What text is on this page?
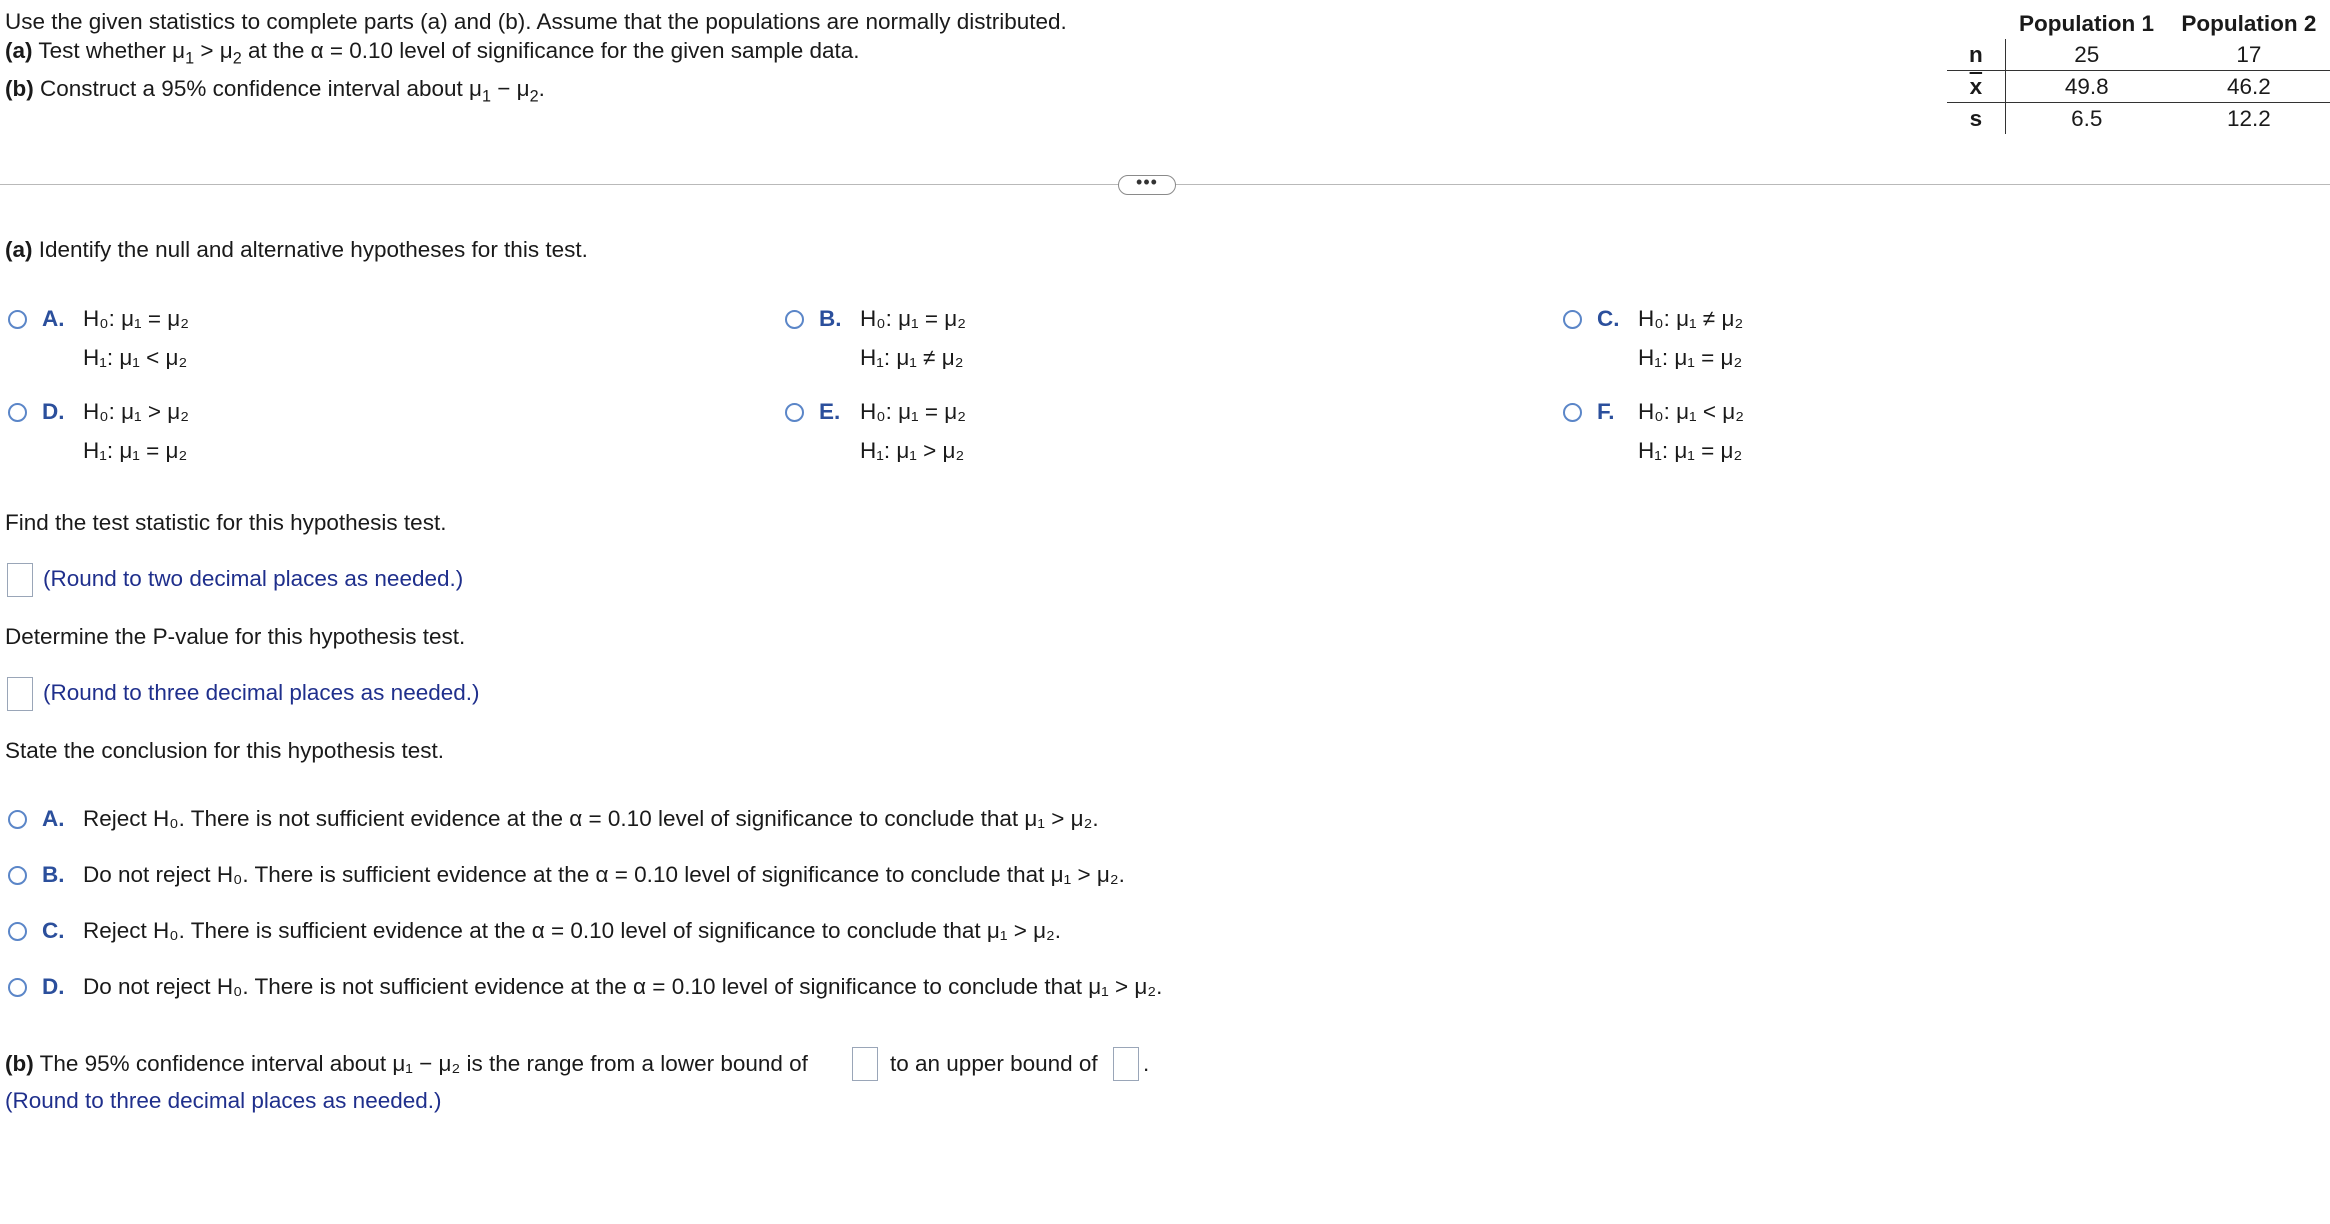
Use the given statistics to complete parts (a) and (b). Assume that the populations are normally distributed.
(a) Test whether $\mu_1 > \mu_2$ at the α = 0.10 level of significance for the given sample data.
(b) Construct a 95% confidence interval about $\mu_1 - \mu_2$.
	Population 1	Population 2
n	25	17
$\overline{x}$	49.8	46.2
s	6.5	12.2
•••
(a) Identify the null and alternative hypotheses for this test.
A. H₀: μ₁ = μ₂
H₁: μ₁ < μ₂
B. H₀: μ₁ = μ₂
H₁: μ₁ ≠ μ₂
C. H₀: μ₁ ≠ μ₂
H₁: μ₁ = μ₂
D. H₀: μ₁ > μ₂
H₁: μ₁ = μ₂
E. H₀: μ₁ = μ₂
H₁: μ₁ > μ₂
F. H₀: μ₁ < μ₂
H₁: μ₁ = μ₂
Find the test statistic for this hypothesis test.
(Round to two decimal places as needed.)
Determine the P-value for this hypothesis test.
(Round to three decimal places as needed.)
State the conclusion for this hypothesis test.
A. Reject H₀. There is not sufficient evidence at the α = 0.10 level of significance to conclude that μ₁ > μ₂.
B. Do not reject H₀. There is sufficient evidence at the α = 0.10 level of significance to conclude that μ₁ > μ₂.
C. Reject H₀. There is sufficient evidence at the α = 0.10 level of significance to conclude that μ₁ > μ₂.
D. Do not reject H₀. There is not sufficient evidence at the α = 0.10 level of significance to conclude that μ₁ > μ₂.
(b) The 95% confidence interval about μ₁ − μ₂ is the range from a lower bound of	to an upper bound of .
(Round to three decimal places as needed.)
